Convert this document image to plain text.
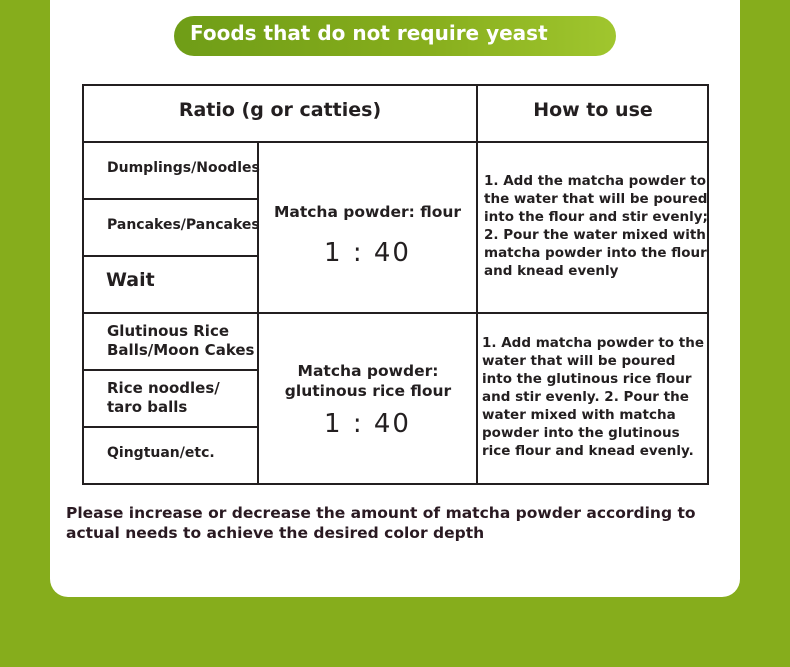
Foods that do not require yeast
Ratio (g or catties)	How to use
Dumplings/Noodles
Pancakes/Pancakes
Wait
Matcha powder: flour
1 : 40
1. Add the matcha powder to the water that will be poured into the flour and stir evenly; 2. Pour the water mixed with matcha powder into the flour and knead evenly
Glutinous Rice Balls/Moon Cakes
Rice noodles/ taro balls
Qingtuan/etc.
Matcha powder: glutinous rice flour
1 : 40
1. Add matcha powder to the water that will be poured into the glutinous rice flour and stir evenly. 2. Pour the water mixed with matcha powder into the glutinous rice flour and knead evenly.
Please increase or decrease the amount of matcha powder according to actual needs to achieve the desired color depth
